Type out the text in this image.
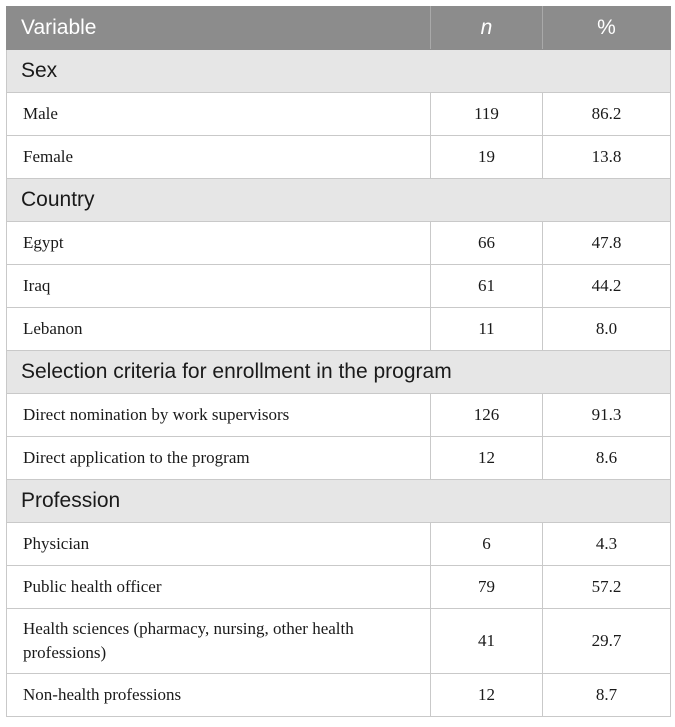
Variable	n	%
Sex		
Male	119	86.2
Female	19	13.8
Country		
Egypt	66	47.8
Iraq	61	44.2
Lebanon	11	8.0
Selection criteria for enrollment in the program		
Direct nomination by work supervisors	126	91.3
Direct application to the program	12	8.6
Profession		
Physician	6	4.3
Public health officer	79	57.2
Health sciences (pharmacy, nursing, other health professions)	41	29.7
Non-health professions	12	8.7
